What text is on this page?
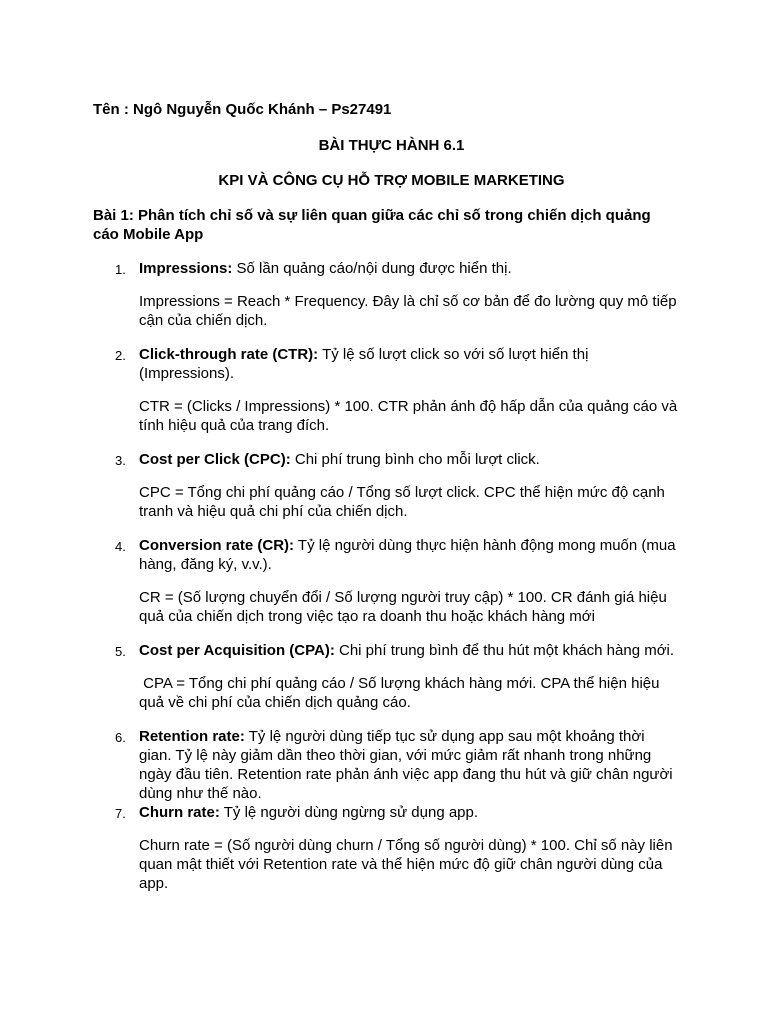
Tên : Ngô Nguyễn Quốc Khánh – Ps27491

BÀI THỰC HÀNH 6.1

KPI VÀ CÔNG CỤ HỖ TRỢ MOBILE MARKETING

Bài 1: Phân tích chỉ số và sự liên quan giữa các chỉ số trong chiến dịch quảng cáo Mobile App

1. Impressions: Số lần quảng cáo/nội dung được hiển thị.

Impressions = Reach * Frequency. Đây là chỉ số cơ bản để đo lường quy mô tiếp cận của chiến dịch.

2. Click-through rate (CTR): Tỷ lệ số lượt click so với số lượt hiển thị (Impressions).

CTR = (Clicks / Impressions) * 100. CTR phản ánh độ hấp dẫn của quảng cáo và tính hiệu quả của trang đích.

3. Cost per Click (CPC): Chi phí trung bình cho mỗi lượt click.

CPC = Tổng chi phí quảng cáo / Tổng số lượt click. CPC thể hiện mức độ cạnh tranh và hiệu quả chi phí của chiến dịch.

4. Conversion rate (CR): Tỷ lệ người dùng thực hiện hành động mong muốn (mua hàng, đăng ký, v.v.).

CR = (Số lượng chuyển đổi / Số lượng người truy cập) * 100. CR đánh giá hiệu quả của chiến dịch trong việc tạo ra doanh thu hoặc khách hàng mới

5. Cost per Acquisition (CPA): Chi phí trung bình để thu hút một khách hàng mới.

CPA = Tổng chi phí quảng cáo / Số lượng khách hàng mới. CPA thể hiện hiệu quả về chi phí của chiến dịch quảng cáo.

6. Retention rate: Tỷ lệ người dùng tiếp tục sử dụng app sau một khoảng thời gian. Tỷ lệ này giảm dần theo thời gian, với mức giảm rất nhanh trong những ngày đầu tiên. Retention rate phản ánh việc app đang thu hút và giữ chân người dùng như thế nào.

7. Churn rate: Tỷ lệ người dùng ngừng sử dụng app.

Churn rate = (Số người dùng churn / Tổng số người dùng) * 100. Chỉ số này liên quan mật thiết với Retention rate và thể hiện mức độ giữ chân người dùng của app.
